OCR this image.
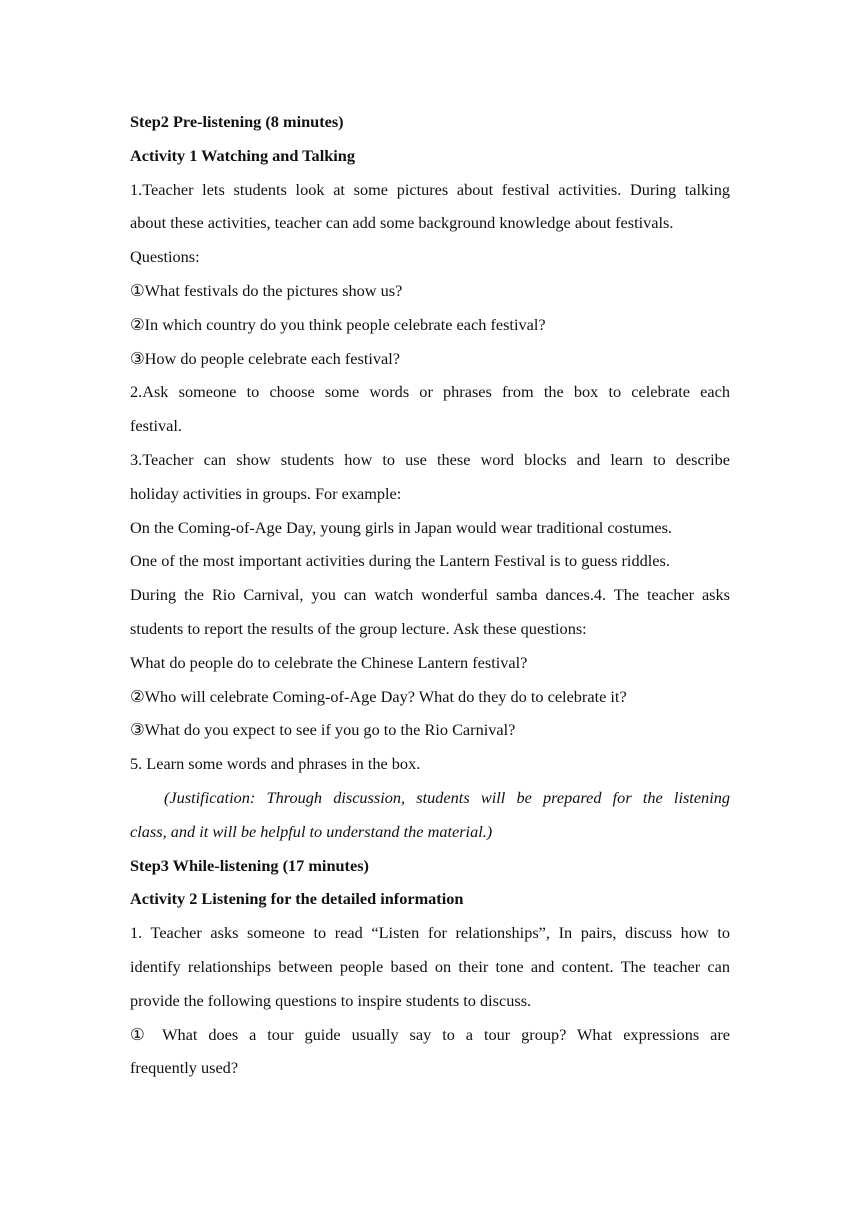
Step2 Pre-listening (8 minutes)
Activity 1 Watching and Talking
1.Teacher lets students look at some pictures about festival activities. During talking
about these activities, teacher can add some background knowledge about festivals.
Questions:
①What festivals do the pictures show us?
②In which country do you think people celebrate each festival?
③How do people celebrate each festival?
2.Ask someone to choose some words or phrases from the box to celebrate each
festival.
3.Teacher can show students how to use these word blocks and learn to describe
holiday activities in groups. For example:
On the Coming-of-Age Day, young girls in Japan would wear traditional costumes.
One of the most important activities during the Lantern Festival is to guess riddles.
During the Rio Carnival, you can watch wonderful samba dances.4. The teacher asks
students to report the results of the group lecture. Ask these questions:
What do people do to celebrate the Chinese Lantern festival?
②Who will celebrate Coming-of-Age Day? What do they do to celebrate it?
③What do you expect to see if you go to the Rio Carnival?
5. Learn some words and phrases in the box.
(Justification: Through discussion, students will be prepared for the listening
class, and it will be helpful to understand the material.)
Step3 While-listening (17 minutes)
Activity 2 Listening for the detailed information
1. Teacher asks someone to read “Listen for relationships”, In pairs, discuss how to
identify relationships between people based on their tone and content. The teacher can
provide the following questions to inspire students to discuss.
① What does a tour guide usually say to a tour group? What expressions are
frequently used?
